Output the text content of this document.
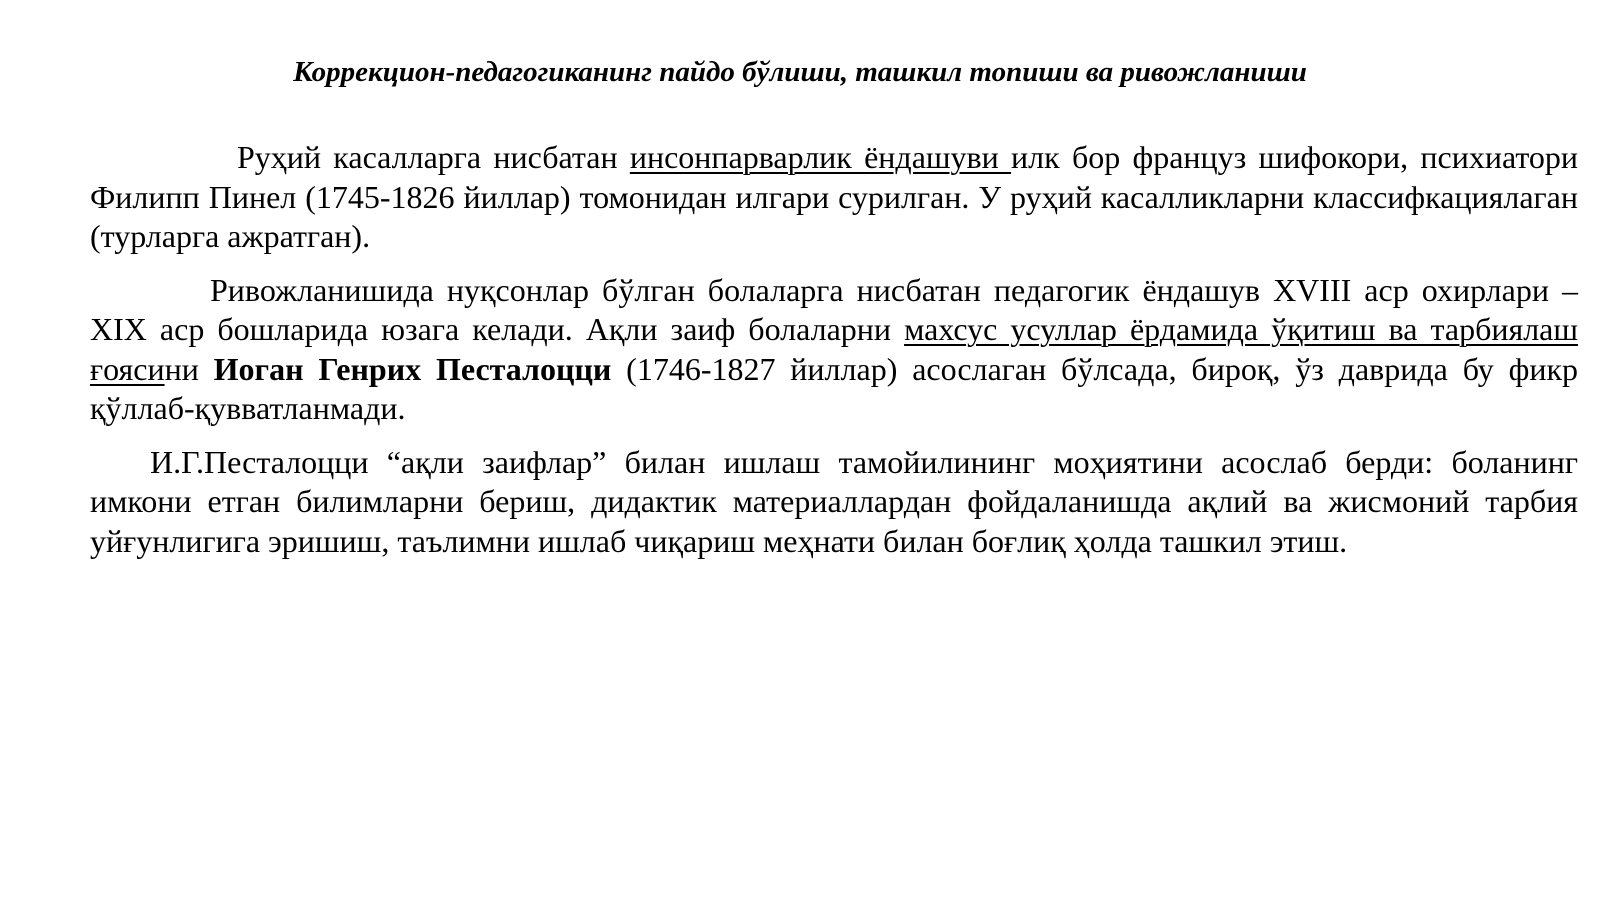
Коррекцион-педагогиканинг пайдо бўлиши, ташкил топиши ва ривожланиши

Руҳий касалларга нисбатан инсонпарварлик ёндашуви илк бор француз шифокори, психиатори Филипп Пинел (1745-1826 йиллар) томонидан илгари сурилган. У руҳий касалликларни классифкациялаган (турларга ажратган).

Ривожланишида нуқсонлар бўлган болаларга нисбатан педагогик ёндашув XVIII аср охирлари – XIX аср бошларида юзага келади. Ақли заиф болаларни махсус усуллар ёрдамида ўқитиш ва тарбиялаш ғоясини Иоган Генрих Песталоцци (1746-1827 йиллар) асослаган бўлсада, бироқ, ўз даврида бу фикр қўллаб-қувватланмади.

И.Г.Песталоцци “ақли заифлар” билан ишлаш тамойилининг моҳиятини асослаб берди: боланинг имкони етган билимларни бериш, дидактик материаллардан фойдаланишда ақлий ва жисмоний тарбия уйғунлигига эришиш, таълимни ишлаб чиқариш меҳнати билан боғлиқ ҳолда ташкил этиш.
